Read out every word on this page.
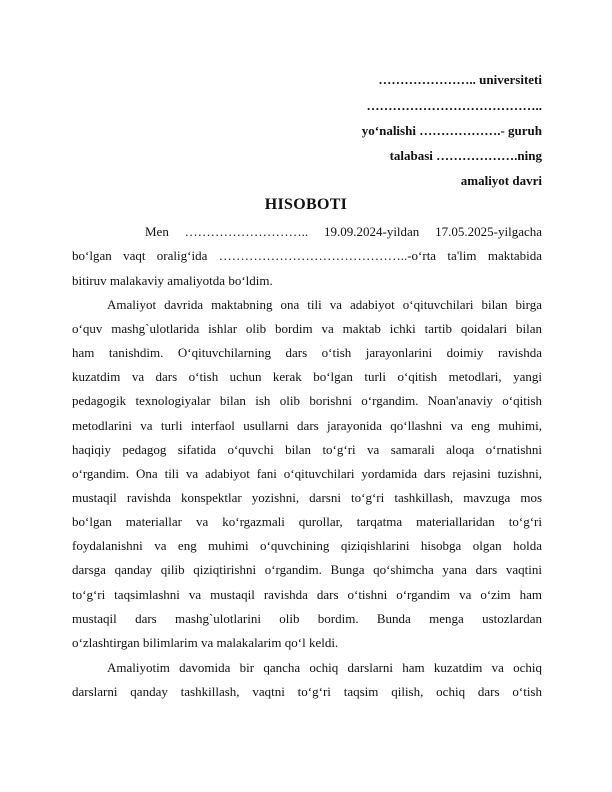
………………….. universiteti
…………………………………..
yo‘nalishi ……………….- guruh
talabasi ……………….ning
amaliyot davri
HISOBOTI
Men ……………………….. 19.09.2024-yildan 17.05.2025-yilgacha
bo‘lgan vaqt oralig‘ida ……………………………………..-o‘rta ta'lim maktabida
bitiruv malakaviy amaliyotda bo‘ldim.
Amaliyot davrida maktabning ona tili va adabiyot o‘qituvchilari bilan birga
o‘quv mashg`ulotlarida ishlar olib bordim va maktab ichki tartib qoidalari bilan
ham tanishdim. O‘qituvchilarning dars o‘tish jarayonlarini doimiy ravishda
kuzatdim va dars o‘tish uchun kerak bo‘lgan turli o‘qitish metodlari, yangi
pedagogik texnologiyalar bilan ish olib borishni o‘rgandim. Noan'anaviy o‘qitish
metodlarini va turli interfaol usullarni dars jarayonida qo‘llashni va eng muhimi,
haqiqiy pedagog sifatida o‘quvchi bilan to‘g‘ri va samarali aloqa o‘rnatishni
o‘rgandim. Ona tili va adabiyot fani o‘qituvchilari yordamida dars rejasini tuzishni,
mustaqil ravishda konspektlar yozishni, darsni to‘g‘ri tashkillash, mavzuga mos
bo‘lgan materiallar va ko‘rgazmali qurollar, tarqatma materiallaridan to‘g‘ri
foydalanishni va eng muhimi o‘quvchining qiziqishlarini hisobga olgan holda
darsga qanday qilib qiziqtirishni o‘rgandim. Bunga qo‘shimcha yana dars vaqtini
to‘g‘ri taqsimlashni va mustaqil ravishda dars o‘tishni o‘rgandim va o‘zim ham
mustaqil dars mashg`ulotlarini olib bordim. Bunda menga ustozlardan
o‘zlashtirgan bilimlarim va malakalarim qo‘l keldi.
Amaliyotim davomida bir qancha ochiq darslarni ham kuzatdim va ochiq
darslarni qanday tashkillash, vaqtni to‘g‘ri taqsim qilish, ochiq dars o‘tish
